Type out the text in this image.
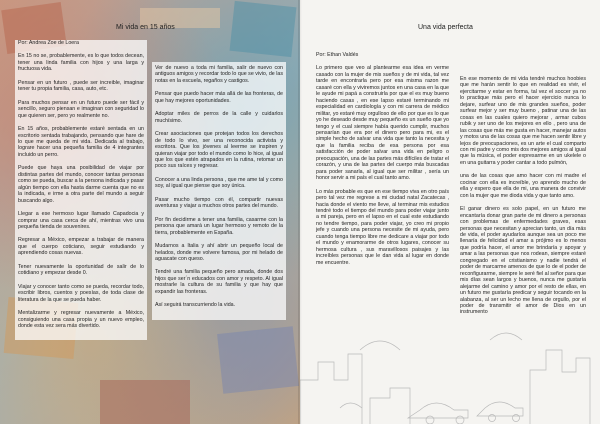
Mi vida en 15 años

Por: Andrea Zoe de Loera

En 15 no se, probablemente, es lo que todos decean, tener una linda familia con hijos y una larga y fructuosa vida.

Pensar en un futuro , puede ser increible, imaginar tener tu propia familia, casa, auto, etc.

Para muchos pensar en un futuro puede ser fácil y sencillo, seguro piensan e imaginan con seguridad lo que quieren ser, pero yo realmente no.

En 15 años, probablemente estaré sentada en un escritorio sentada trabajando, pensando que hare de lo que me queda de mi vida. Dedicada al trabajo, lograre hacer una pequeña familia de 4 integrantes incluido un perro.

Puede que haya una posibilidad de viajar por distintas partes del mundo, conocer tantas personas como se pueda, buscar a la persona indicada y pasar algún tiempo con ella hasta darme cuenta que no es la indicada, e irme a otra parte del mundo a seguir buscando algo.

Llegar a ese hermoso lugar llamado Capadocia y comprar una casa cerca de ahí, mientras vivo una pequeña tienda de souvenires.

Regresar a México, empezar a trabajar de manera que el cuerpo coticiano, seguir estudiando y aprendiendo cosas nuevas.

Tener nuevamente la oportunidad de salir de lo cotidiano y empezar desde 0.

Viajar y conocer tanto como se pueda, recordar todo, escribir libros, cuentos y poesías, de toda clase de literatura de la que se pueda haber.

Mentalizarme y regresar nuevamente a México, consiguiendo una casa propia y un nuevo empleo, donde esta vez sera más divertido.

Ver de nuevo a toda mi familia, salir de nuevo con antiguos amigos y recordar todo lo que se vivio, de las notas en la escuela, regaños y castigos.

Pensar que puedo hacer más allá de las fronteras, de que hay mejores oportunidades.

Adoptar miles de perros de la calle y cuidarlos muchísimo.

Crear asociaciones que protejan todos los derechos de todo lo vivo, ser una reconocida activista y escritora. Que los jóvenes al leerme se inspiren y quieran viajar por todo el mundo como lo hice, al igual que los que estén atrapados en la rutina, retomar un poco sus raíces y regresar.

Conocer a una linda persona , que me ame tal y como soy, al igual que piense que soy única.

Pasar mucho tiempo con él, compartir nuevas aventuras y viajar a muchos otros partes del mundo.

Por fin decidirme a tener una familia, casarme con la persona que amará un lugar hermoso y remoto de la tierra, probablemente en España.

Mudarnos a Italia y ahí abrir un pequeño local de helados, donde me volvere famosa, por mi helado de aguacate con queso.

Tendré una familia pequeño pero amada, donde dos hijos que ser´n educados con amor y respeto. Al igual mostrarle la cultura de su familia y que hay que expandir las fronteras.

Así seguirá transcurriendo la vida.

Una vida perfecta

Por: Ethan Valdés

Lo primero que veo al plantearme esa idea en verme casado con la mujer de mis sueños y de mi vida, tal vez tarde en encontrarla pero por esa misma razon me casaré con ella y viviremos juntos en una casa en la que le ayude mi papá a construirla por que el es muy bueno haciendo casas , en ese lapso estaré terminando mi especialidad en cardiología y con mi carrera de médico militar, yo estaré muy orgulloso de ello por que es lo que yo he deseado desde muy pequeño es un sueño que yo tengo y el cual siempre había querido cumplir, muchos pensarían que era por el dinero pero para mi, es el simple hecho de salvar una vida que tanto la necesita y que la familia reciba de esa persona por esa satisfacción de poder salvar una vida en peligro o preocupación, una de las partes más difíciles de tratar el corazón, y una de las partes del cuerpo más buscadas para poder sanarla, al igual que ser militar , sería un honor servir a mi país el cual tanto amo.

Lo más probable es que en ese tiempo viva en otro país pero tal vez me regrese a mi ciudad natal Zacatecas , hacia donde el viento me lleve, al terminar mis estudios tendré todo el tiempo del mundo para poder viajar junto a mi pareja, pero en el lapso en el cual este estudiando no tendre tiempo, para poder viajar, yo creo mi propio jefe y cuando una persona necesite de mi ayuda, pero cuando tenga tiempo libre me dedicare a viajar por todo el mundo y enamorarme de otros lugares, conocer su hermosa cultura , sus maravillosos paisajes y las increíbles personas que le dan vida al lugar en donde me encuentre.

En ese momento de mi vida tendré muchos hoobies que me harán sentir lo que en realidad es vivir, el ejercitarme y estar en forma, tal vez el soccer ya no lo practique más pero el hacer ejercicio nunca lo dejare, surfear uno de mis grandes sueños, poder surfear mejor y ser muy bueno , patinar una de las cosas en las cuales quiero mejorar , armar cubos rubik y ser uno de los mejores en ello , pero una de las cosas que más me gusta en hacer, manejar autos y motos una de las cosas que me hacen sentir libre y lejos de preocupaciones, es un arte el cual comparto con mi padre y como mis dos mejores amigos al igual que la música, el poder expresarme en un ukelele o en una guitarra y poder cantar a todo pulmón,

una de las cosas que amo hacer con mi madre el cocinar con ella es increíble, yo aprendo mucho de ella y espero que ella de mi, una manera de convivir con la mujer que me dioda vida y que tanto amo.

El ganar dinero es solo papel, en un futuro me encantaría donar gran parte de mi dinero a personas con problemas de enfermedades graves, esas personas que necesitan y aprecian tanto, un día más de vida, el poder ayudarlos aunque sea un poco me llenaría de felicidad el amar a prójimo es lo menos que podría hacer, el amor me brindaría y apoyar y amar a las personas que nos rodean, siempre estaré congregado en el cristianismo y nadie tendrá el poder de marcarme amenos de que lo de el poder de reconfigurarme, siempre le seré fiel al señor para que mis días sean largos y buenos, nunca me gustaría alejarme del camino y amor por el resto de ellas, en un futuro me gustaría predicar y seguir tocando en la alabanza, al ser un lecho me llena de orgullo, por el poder de transmitir el amor de Dios en un instrumento
